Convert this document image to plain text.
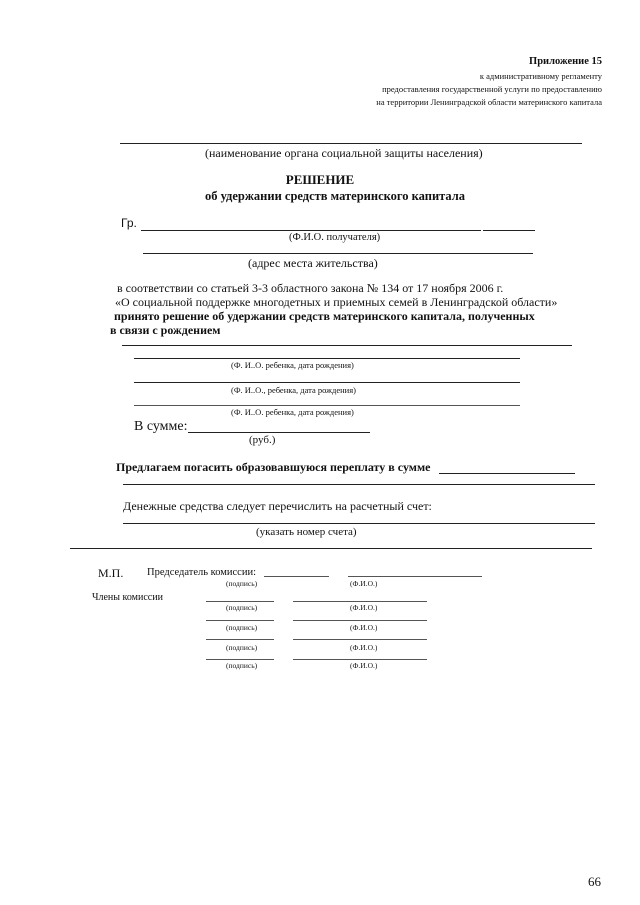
Приложение 15
к административному регламенту
предоставления государственной услуги по предоставлению
на территории Ленинградской области материнского капитала
(наименование органа социальной защиты населения)
РЕШЕНИЕ
об удержании средств материнского капитала
Гр.
(Ф.И.О. получателя)
(адрес места жительства)
в соответствии со статьей 3-3 областного закона № 134 от 17 ноября 2006 г.
«О социальной поддержке многодетных и приемных семей в Ленинградской области»
принято решение об удержании средств материнского капитала, полученных
в связи с рождением
(Ф. И..О. ребенка, дата рождения)
(Ф. И..О., ребенка, дата рождения)
(Ф. И..О. ребенка, дата рождения)
В сумме:
(руб.)
Предлагаем погасить образовавшуюся переплату в сумме
Денежные средства следует перечислить на расчетный счет:
(указать номер счета)
М.П. Председатель комиссии:
(подпись)	(Ф.И.О.)
Члены комиссии
(подпись)	(Ф.И.О.)
(подпись)	(Ф.И.О.)
(подпись)	(Ф.И.О.)
(подпись)	(Ф.И.О.)
66
